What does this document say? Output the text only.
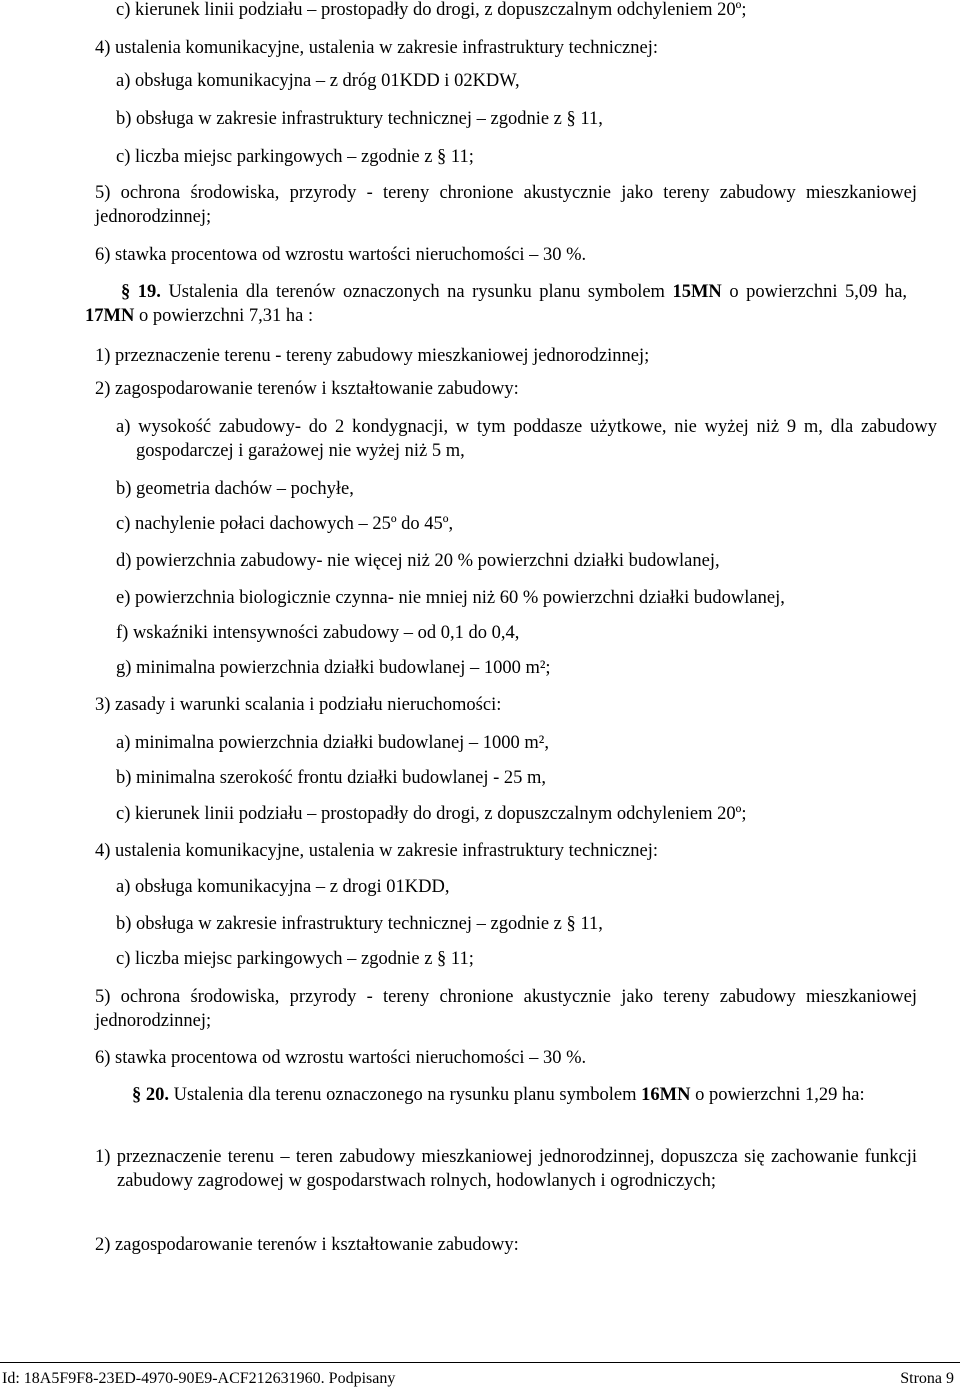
c) kierunek linii podziału – prostopadły do drogi, z dopuszczalnym odchyleniem 20º;
4) ustalenia komunikacyjne, ustalenia w zakresie infrastruktury technicznej:
a) obsługa komunikacyjna – z dróg 01KDD i 02KDW,
b) obsługa w zakresie infrastruktury technicznej – zgodnie z § 11,
c) liczba miejsc parkingowych – zgodnie z § 11;
5) ochrona środowiska, przyrody - tereny chronione akustycznie jako tereny zabudowy mieszkaniowej jednorodzinnej;
6) stawka procentowa od wzrostu wartości nieruchomości – 30 %.
§ 19. Ustalenia dla terenów oznaczonych na rysunku planu symbolem 15MN o powierzchni 5,09 ha, 17MN o powierzchni 7,31 ha :
1) przeznaczenie terenu - tereny zabudowy mieszkaniowej jednorodzinnej;
2) zagospodarowanie terenów i kształtowanie zabudowy:
a) wysokość zabudowy- do 2 kondygnacji, w tym poddasze użytkowe, nie wyżej niż 9 m, dla zabudowy gospodarczej i garażowej nie wyżej niż 5 m,
b) geometria dachów – pochyłe,
c) nachylenie połaci dachowych – 25º do 45º,
d) powierzchnia zabudowy- nie więcej niż 20 % powierzchni działki budowlanej,
e) powierzchnia biologicznie czynna- nie mniej niż 60 % powierzchni działki budowlanej,
f) wskaźniki intensywności zabudowy – od 0,1 do 0,4,
g) minimalna powierzchnia działki budowlanej – 1000 m²;
3) zasady i warunki scalania i podziału nieruchomości:
a) minimalna powierzchnia działki budowlanej – 1000 m²,
b) minimalna szerokość frontu działki budowlanej - 25 m,
c) kierunek linii podziału – prostopadły do drogi, z dopuszczalnym odchyleniem 20º;
4) ustalenia komunikacyjne, ustalenia w zakresie infrastruktury technicznej:
a) obsługa komunikacyjna – z drogi 01KDD,
b) obsługa w zakresie infrastruktury technicznej – zgodnie z § 11,
c) liczba miejsc parkingowych – zgodnie z § 11;
5) ochrona środowiska, przyrody - tereny chronione akustycznie jako tereny zabudowy mieszkaniowej jednorodzinnej;
6) stawka procentowa od wzrostu wartości nieruchomości – 30 %.
§ 20. Ustalenia dla terenu oznaczonego na rysunku planu symbolem 16MN o powierzchni 1,29 ha:
1) przeznaczenie terenu – teren zabudowy mieszkaniowej jednorodzinnej, dopuszcza się zachowanie funkcji zabudowy zagrodowej w gospodarstwach rolnych, hodowlanych i ogrodniczych;
2) zagospodarowanie terenów i kształtowanie zabudowy:
Id: 18A5F9F8-23ED-4970-90E9-ACF212631960. Podpisany	Strona 9
